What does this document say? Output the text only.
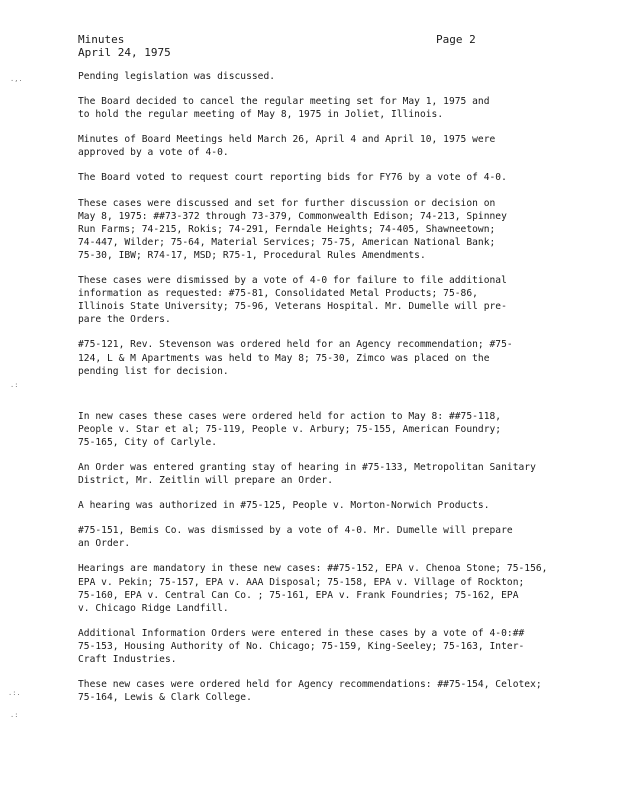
Minutes
April 24, 1975
Page 2
.,.
.:
.:.
.:
Pending legislation was discussed.
The Board decided to cancel the regular meeting set for May 1, 1975 and
to hold the regular meeting of May 8, 1975 in Joliet, Illinois.
Minutes of Board Meetings held March 26, April 4 and April 10, 1975 were
approved by a vote of 4-0.
The Board voted to request court reporting bids for FY76 by a vote of 4-0.
These cases were discussed and set for further discussion or decision on
May 8, 1975: ##73-372 through 73-379, Commonwealth Edison; 74-213, Spinney
Run Farms; 74-215, Rokis; 74-291, Ferndale Heights; 74-405, Shawneetown;
74-447, Wilder; 75-64, Material Services; 75-75, American National Bank;
75-30, IBW; R74-17, MSD; R75-1, Procedural Rules Amendments.
These cases were dismissed by a vote of 4-0 for failure to file additional
information as requested: #75-81, Consolidated Metal Products; 75-86,
Illinois State University; 75-96, Veterans Hospital. Mr. Dumelle will pre-
pare the Orders.
#75-121, Rev. Stevenson was ordered held for an Agency recommendation; #75-
124, L & M Apartments was held to May 8; 75-30, Zimco was placed on the
pending list for decision.
In new cases these cases were ordered held for action to May 8: ##75-118,
People v. Star et al; 75-119, People v. Arbury; 75-155, American Foundry;
75-165, City of Carlyle.
An Order was entered granting stay of hearing in #75-133, Metropolitan Sanitary
District, Mr. Zeitlin will prepare an Order.
A hearing was authorized in #75-125, People v. Morton-Norwich Products.
#75-151, Bemis Co. was dismissed by a vote of 4-0. Mr. Dumelle will prepare
an Order.
Hearings are mandatory in these new cases: ##75-152, EPA v. Chenoa Stone; 75-156,
EPA v. Pekin; 75-157, EPA v. AAA Disposal; 75-158, EPA v. Village of Rockton;
75-160, EPA v. Central Can Co. ; 75-161, EPA v. Frank Foundries; 75-162, EPA
v. Chicago Ridge Landfill.
Additional Information Orders were entered in these cases by a vote of 4-0:##
75-153, Housing Authority of No. Chicago; 75-159, King-Seeley; 75-163, Inter-
Craft Industries.
These new cases were ordered held for Agency recommendations: ##75-154, Celotex;
75-164, Lewis & Clark College.
